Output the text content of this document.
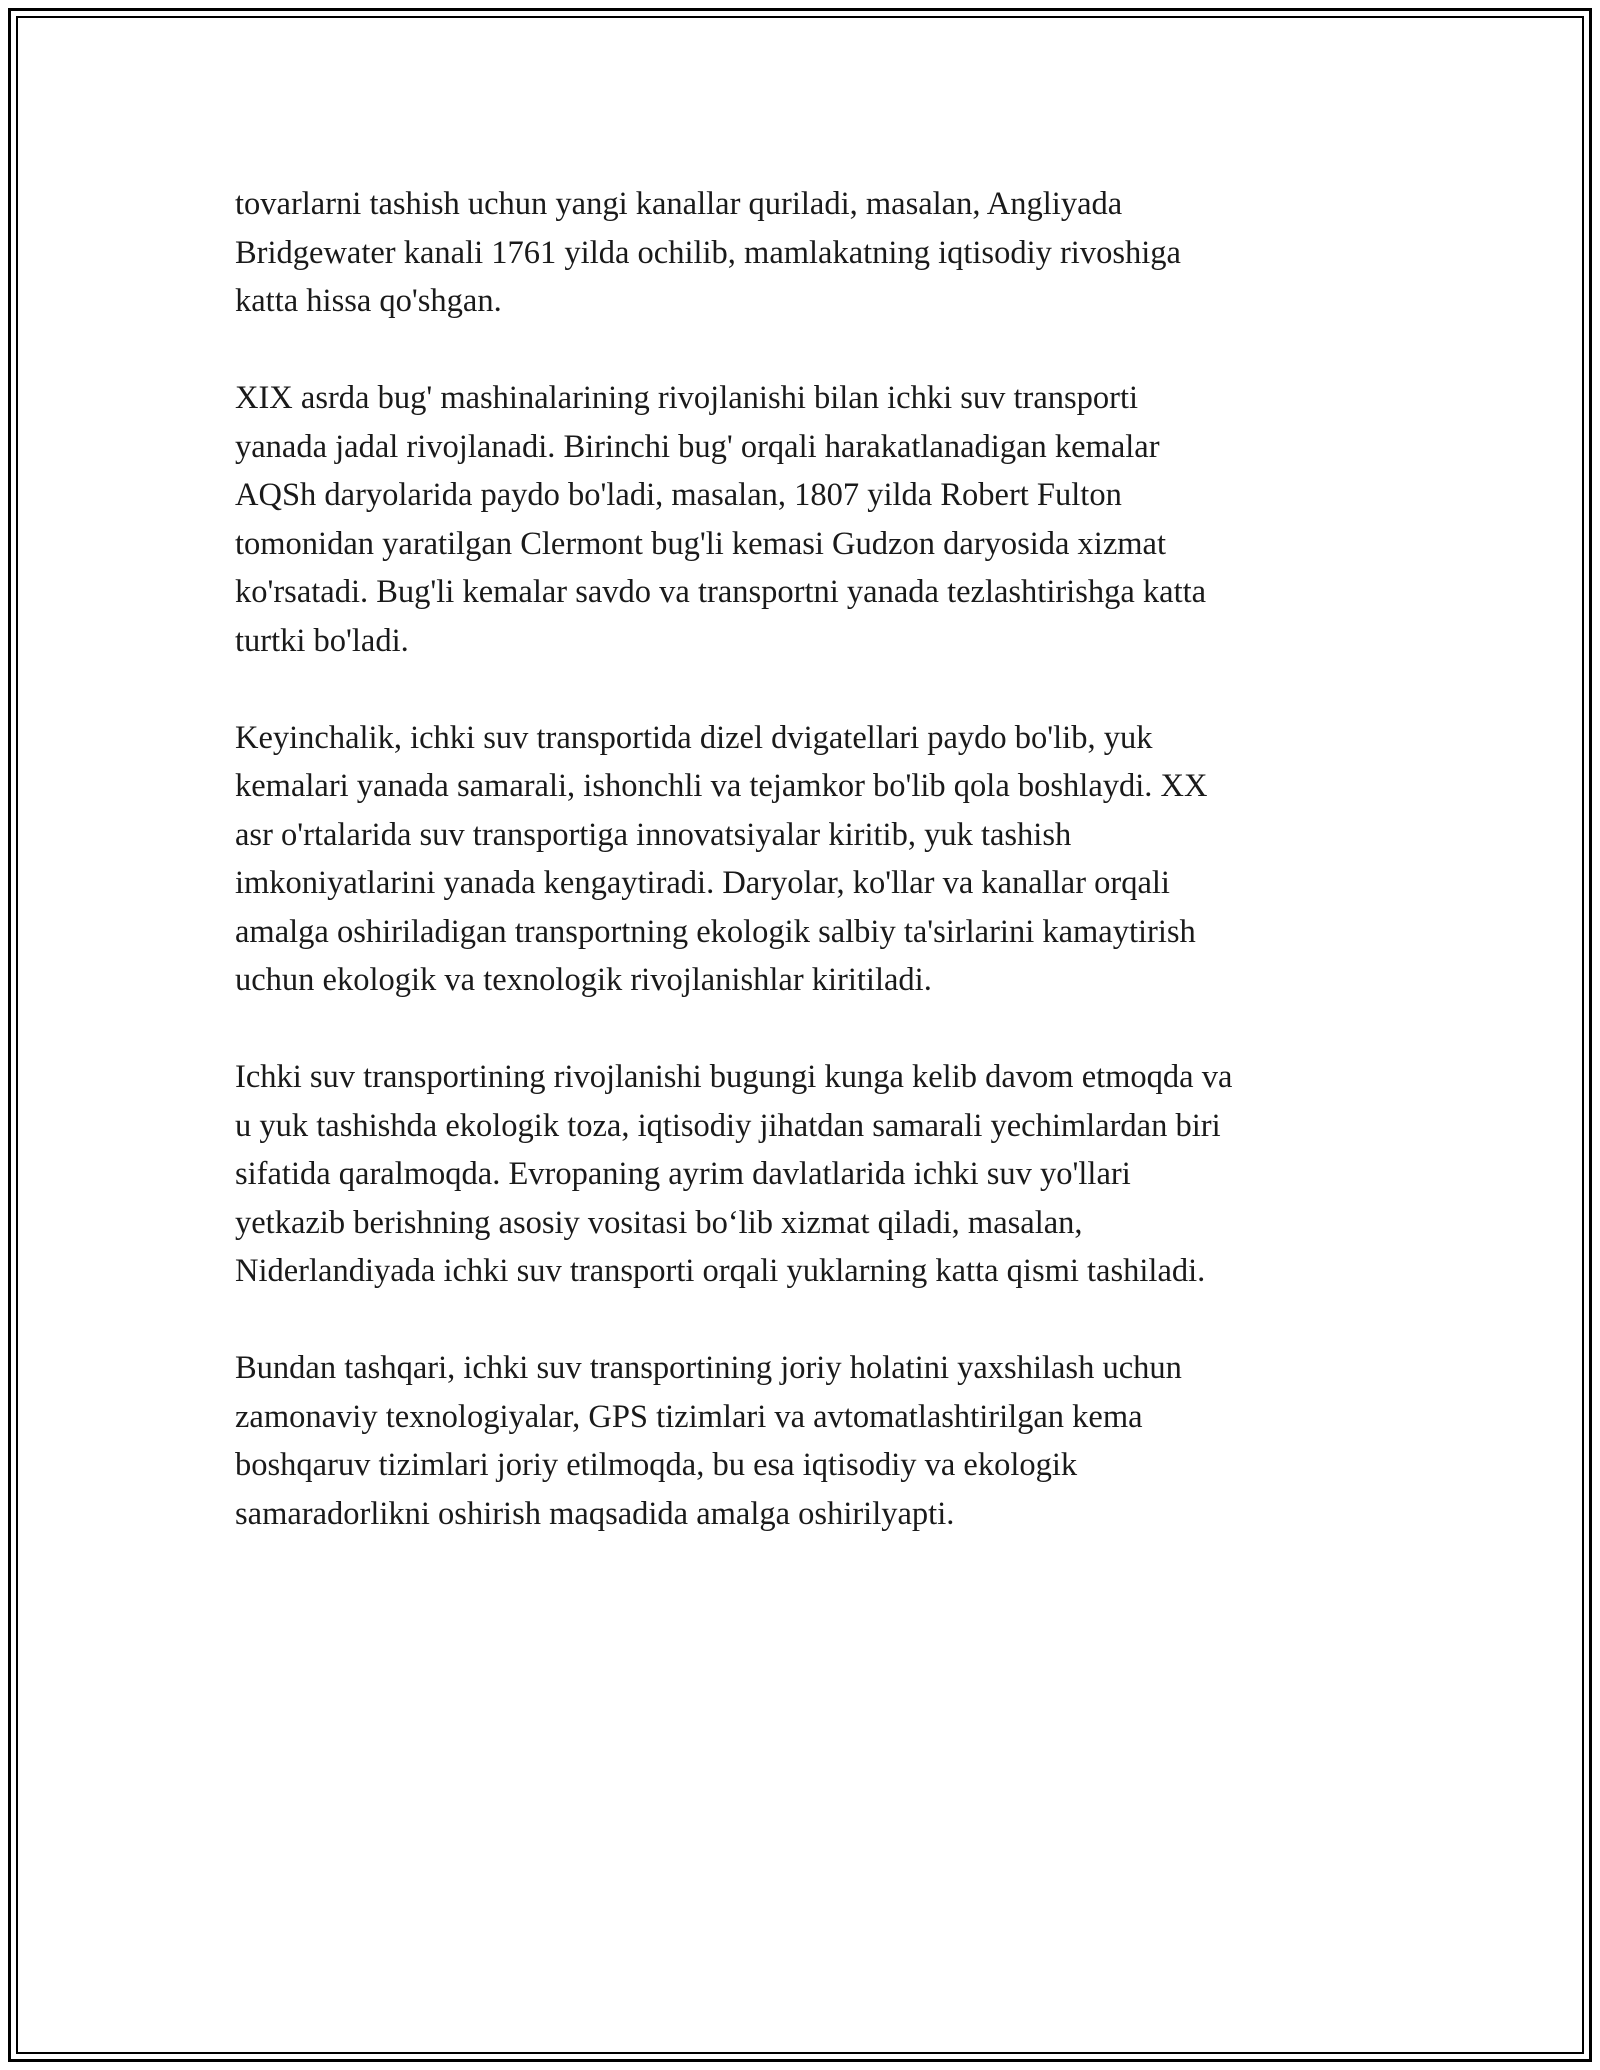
tovarlarni tashish uchun yangi kanallar quriladi, masalan, Angliyada
Bridgewater kanali 1761 yilda ochilib, mamlakatning iqtisodiy rivoshiga
katta hissa qo'shgan.

XIX asrda bug' mashinalarining rivojlanishi bilan ichki suv transporti
yanada jadal rivojlanadi. Birinchi bug' orqali harakatlanadigan kemalar
AQSh daryolarida paydo bo'ladi, masalan, 1807 yilda Robert Fulton
tomonidan yaratilgan Clermont bug'li kemasi Gudzon daryosida xizmat
ko'rsatadi. Bug'li kemalar savdo va transportni yanada tezlashtirishga katta
turtki bo'ladi.

Keyinchalik, ichki suv transportida dizel dvigatellari paydo bo'lib, yuk
kemalari yanada samarali, ishonchli va tejamkor bo'lib qola boshlaydi. XX
asr o'rtalarida suv transportiga innovatsiyalar kiritib, yuk tashish
imkoniyatlarini yanada kengaytiradi. Daryolar, ko'llar va kanallar orqali
amalga oshiriladigan transportning ekologik salbiy ta'sirlarini kamaytirish
uchun ekologik va texnologik rivojlanishlar kiritiladi.

Ichki suv transportining rivojlanishi bugungi kunga kelib davom etmoqda va
u yuk tashishda ekologik toza, iqtisodiy jihatdan samarali yechimlardan biri
sifatida qaralmoqda. Evropaning ayrim davlatlarida ichki suv yo'llari
yetkazib berishning asosiy vositasi bo‘lib xizmat qiladi, masalan,
Niderlandiyada ichki suv transporti orqali yuklarning katta qismi tashiladi.

Bundan tashqari, ichki suv transportining joriy holatini yaxshilash uchun
zamonaviy texnologiyalar, GPS tizimlari va avtomatlashtirilgan kema
boshqaruv tizimlari joriy etilmoqda, bu esa iqtisodiy va ekologik
samaradorlikni oshirish maqsadida amalga oshirilyapti.
